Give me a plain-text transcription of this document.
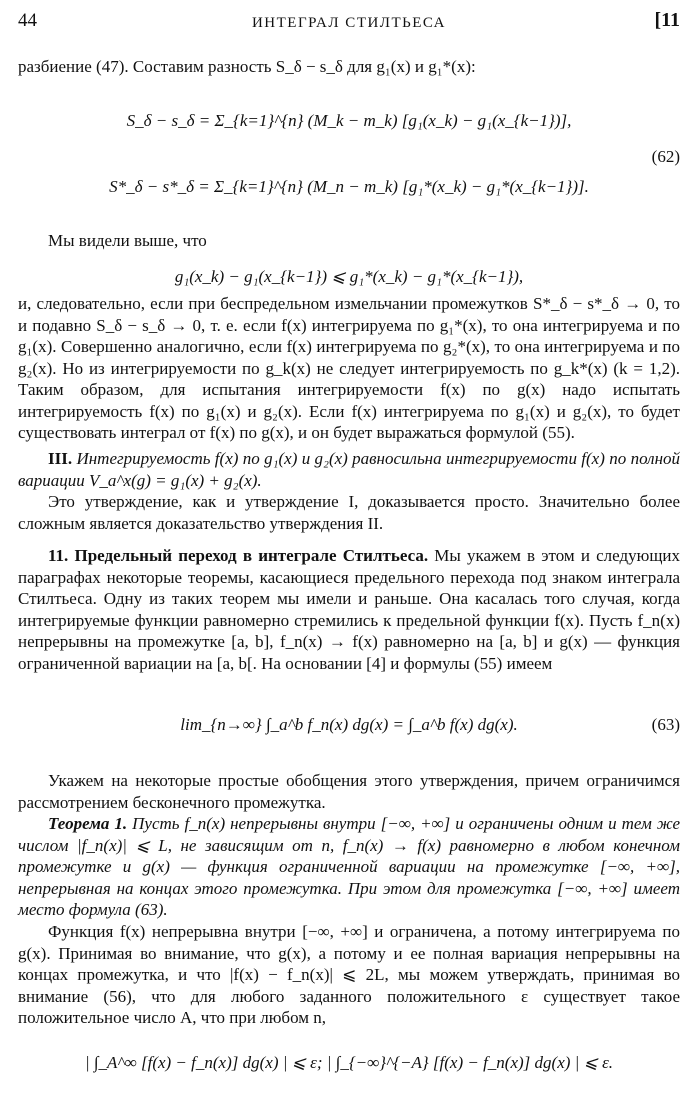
44	ИНТЕГРАЛ СТИЛТЬЕСА	[11

разбиение (47). Составим разность S_δ − s_δ для g₁(x) и g₁*(x):

S_δ − s_δ = Σ_{k=1}^{n} (M_k − m_k) [g₁(x_k) − g₁(x_{k−1})],
S*_δ − s*_δ = Σ_{k=1}^{n} (M_n − m_k) [g₁*(x_k) − g₁*(x_{k−1})].
(62)

Мы видели выше, что

g₁(x_k) − g₁(x_{k−1}) ⩽ g₁*(x_k) − g₁*(x_{k−1}),

и, следовательно, если при беспредельном измельчании промежутков S*_δ − s*_δ → 0, то и подавно S_δ − s_δ → 0, т. е. если f(x) интегрируема по g₁*(x), то она интегрируема и по g₁(x). Совершенно аналогично, если f(x) интегрируема по g₂*(x), то она интегрируема и по g₂(x). Но из интегрируемости по g_k(x) не следует интегрируемость по g_k*(x) (k = 1,2). Таким образом, для испытания интегрируемости f(x) по g(x) надо испытать интегрируемость f(x) по g₁(x) и g₂(x). Если f(x) интегрируема по g₁(x) и g₂(x), то будет существовать интеграл от f(x) по g(x), и он будет выражаться формулой (55).

III. Интегрируемость f(x) по g₁(x) и g₂(x) равносильна интегрируемости f(x) по полной вариации V_a^x(g) = g₁(x) + g₂(x).

Это утверждение, как и утверждение I, доказывается просто. Значительно более сложным является доказательство утверждения II.

11. Предельный переход в интеграле Стилтьеса. Мы укажем в этом и следующих параграфах некоторые теоремы, касающиеся предельного перехода под знаком интеграла Стилтьеса. Одну из таких теорем мы имели и раньше. Она касалась того случая, когда интегрируемые функции равномерно стремились к предельной функции f(x). Пусть f_n(x) непрерывны на промежутке [a, b], f_n(x) → f(x) равномерно на [a, b] и g(x) — функция ограниченной вариации на [a, b[. На основании [4] и формулы (55) имеем

lim_{n→∞} ∫_a^b f_n(x) dg(x) = ∫_a^b f(x) dg(x).	(63)

Укажем на некоторые простые обобщения этого утверждения, причем ограничимся рассмотрением бесконечного промежутка.

Теорема 1. Пусть f_n(x) непрерывны внутри [−∞, +∞] и ограничены одним и тем же числом |f_n(x)| ⩽ L, не зависящим от n, f_n(x) → f(x) равномерно в любом конечном промежутке и g(x) — функция ограниченной вариации на промежутке [−∞, +∞], непрерывная на концах этого промежутка. При этом для промежутка [−∞, +∞] имеет место формула (63).

Функция f(x) непрерывна внутри [−∞, +∞] и ограничена, а потому интегрируема по g(x). Принимая во внимание, что g(x), а потому и ее полная вариация непрерывны на концах промежутка, и что |f(x) − f_n(x)| ⩽ 2L, мы можем утверждать, принимая во внимание (56), что для любого заданного положительного ε существует такое положительное число A, что при любом n,

| ∫_A^∞ [f(x) − f_n(x)] dg(x) | ⩽ ε; | ∫_{−∞}^{−A} [f(x) − f_n(x)] dg(x) | ⩽ ε.
